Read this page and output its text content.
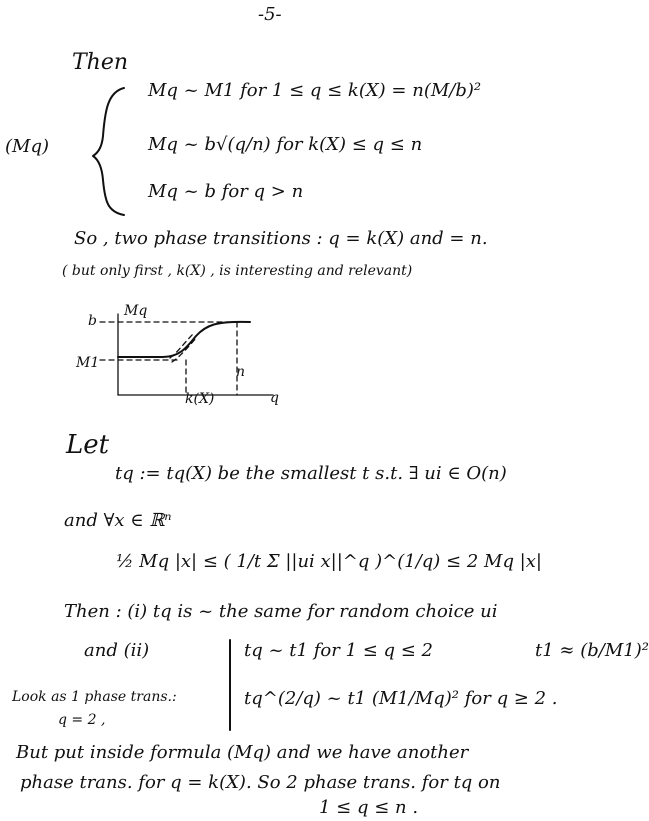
-5-
Then
(Mq)
Mq ~ M1 for 1 ≤ q ≤ k(X) = n(M/b)²
Mq ~ b√(q/n) for k(X) ≤ q ≤ n
Mq ~ b for q > n
So , two phase transitions : q = k(X) and = n.
( but only first , k(X) , is interesting and relevant)
b
Mq
M1
k(X)
n
q
Let
tq := tq(X) be the smallest t s.t. ∃ ui ∈ O(n)
and ∀x ∈ ℝⁿ
½ Mq |x| ≤ ( 1/t Σ ||ui x||^q )^(1/q) ≤ 2 Mq |x|
Then : (i) tq is ~ the same for random choice ui
and (ii)	tq ~ t1 for 1 ≤ q ≤ 2	t1 ≈ (b/M1)²
tq^(2/q) ~ t1 (M1/Mq)² for q ≥ 2 .
Look as 1 phase trans.:
q = 2 ,
But put inside formula (Mq) and we have another
phase trans. for q = k(X). So 2 phase trans. for tq on
1 ≤ q ≤ n .
